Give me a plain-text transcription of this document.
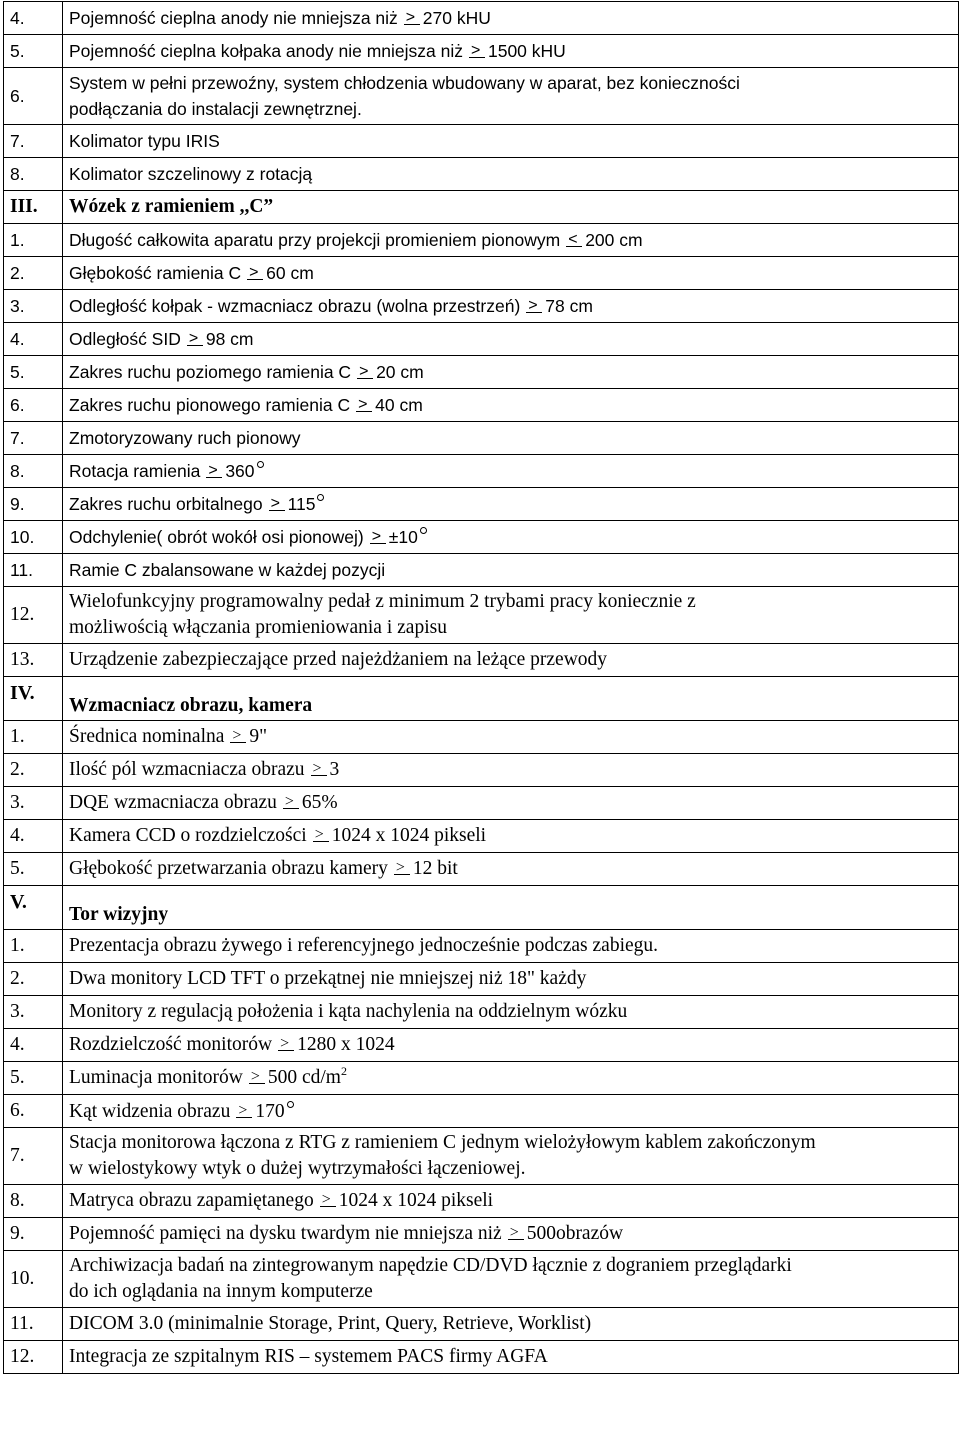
4.	Pojemność cieplna anody nie mniejsza niż > 270 kHU

5.	Pojemność cieplna kołpaka anody nie mniejsza niż > 1500 kHU

6.	System w pełni przewoźny, system chłodzenia wbudowany w aparat, bez konieczności
podłączania do instalacji zewnętrznej.

7.	Kolimator typu IRIS

8.	Kolimator szczelinowy z rotacją

III.	Wózek z ramieniem ,,C”

1.	Długość całkowita aparatu przy projekcji promieniem pionowym < 200 cm

2.	Głębokość ramienia C > 60 cm

3.	Odległość kołpak - wzmacniacz obrazu (wolna przestrzeń) > 78 cm

4.	Odległość SID > 98 cm

5.	Zakres ruchu poziomego ramienia C > 20 cm

6.	Zakres ruchu pionowego ramienia C > 40 cm

7.	Zmotoryzowany ruch pionowy

8.	Rotacja ramienia > 360

9.	Zakres ruchu orbitalnego > 115

10.	Odchylenie( obrót wokół osi pionowej) > ±10

11.	Ramie C zbalansowane w każdej pozycji

12.	Wielofunkcyjny programowalny pedał z minimum 2 trybami pracy koniecznie z
możliwością włączania promieniowania i zapisu

13.	Urządzenie zabezpieczające przed najeżdżaniem na leżące przewody

IV.	Wzmacniacz obrazu, kamera

1.	Średnica nominalna > 9"

2.	Ilość pól wzmacniacza obrazu > 3

3.	DQE wzmacniacza obrazu > 65%

4.	Kamera CCD o rozdzielczości > 1024 x 1024 pikseli

5.	Głębokość przetwarzania obrazu kamery > 12 bit

V.	Tor wizyjny

1.	Prezentacja obrazu żywego i referencyjnego jednocześnie podczas zabiegu.

2.	Dwa monitory LCD TFT o przekątnej nie mniejszej niż 18" każdy

3.	Monitory z regulacją położenia i kąta nachylenia na oddzielnym wózku

4.	Rozdzielczość monitorów > 1280 x 1024

5.	Luminacja monitorów > 500 $cd/m^2$

6.	Kąt widzenia obrazu > 170

7.	Stacja monitorowa łączona z RTG z ramieniem C jednym wielożyłowym kablem zakończonym
w wielostykowy wtyk o dużej wytrzymałości łączeniowej.

8.	Matryca obrazu zapamiętanego > 1024 x 1024 pikseli

9.	Pojemność pamięci na dysku twardym nie mniejsza niż > 500obrazów

10.	Archiwizacja badań na zintegrowanym napędzie CD/DVD łącznie z dograniem przeglądarki
do ich oglądania na innym komputerze

11.	DICOM 3.0 (minimalnie Storage, Print, Query, Retrieve, Worklist)

12.	Integracja ze szpitalnym RIS – systemem PACS firmy AGFA
